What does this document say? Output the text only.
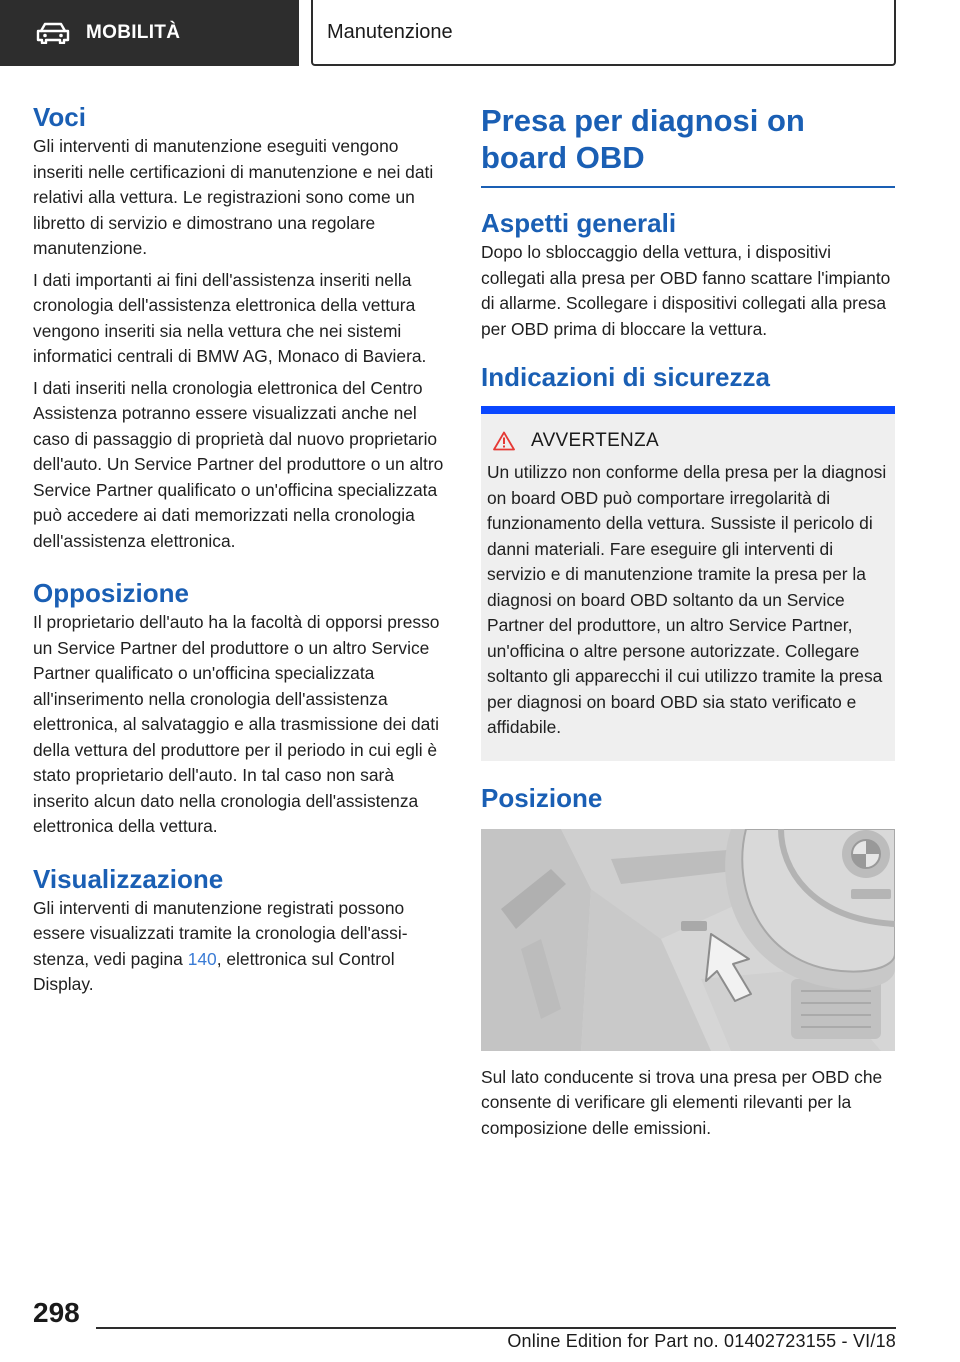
MOBILITÀ	Manutenzione
Voci

Gli interventi di manutenzione eseguiti vengono inseriti nelle certificazioni di manutenzione e nei dati relativi alla vettura. Le registrazioni sono come un libretto di servizio e dimostrano una regolare manutenzione.

I dati importanti ai fini dell'assistenza inseriti nella cronologia dell'assistenza elettronica della vettura vengono inseriti sia nella vettura che nei sistemi informatici centrali di BMW AG, Monaco di Baviera.

I dati inseriti nella cronologia elettronica del Centro Assistenza potranno essere visualizzati anche nel caso di passaggio di proprietà dal nuovo proprietario dell'auto. Un Service Partner del produttore o un altro Service Partner qualificato o un'officina specializzata può accedere ai dati memorizzati nella cronologia dell'assistenza elettronica.

Opposizione

Il proprietario dell'auto ha la facoltà di opporsi presso un Service Partner del produttore o un altro Service Partner qualificato o un'officina specializzata all'inserimento nella cronologia dell'assistenza elettronica, al salvataggio e alla trasmissione dei dati della vettura del produttore per il periodo in cui egli è stato proprietario dell'auto. In tal caso non sarà inserito alcun dato nella cronologia dell'assistenza elettronica della vettura.

Visualizzazione

Gli interventi di manutenzione registrati possono essere visualizzati tramite la cronologia dell'assistenza, vedi pagina 140, elettronica sul Control Display.

Presa per diagnosi on board OBD
Aspetti generali

Dopo lo sbloccaggio della vettura, i dispositivi collegati alla presa per OBD fanno scattare l'impianto di allarme. Scollegare i dispositivi collegati alla presa per OBD prima di bloccare la vettura.

Indicazioni di sicurezza
AVVERTENZA

Un utilizzo non conforme della presa per la diagnosi on board OBD può comportare irregolarità di funzionamento della vettura. Sussiste il pericolo di danni materiali. Fare eseguire gli interventi di servizio e di manutenzione tramite la presa per la diagnosi on board OBD soltanto da un Service Partner del produttore, un altro Service Partner, un'officina o altre persone autorizzate. Collegare soltanto gli apparecchi il cui utilizzo tramite la presa per diagnosi on board OBD sia stato verificato e affidabile.

Posizione

Sul lato conducente si trova una presa per OBD che consente di verificare gli elementi rilevanti per la composizione delle emissioni.

298
Online Edition for Part no. 01402723155 - VI/18
